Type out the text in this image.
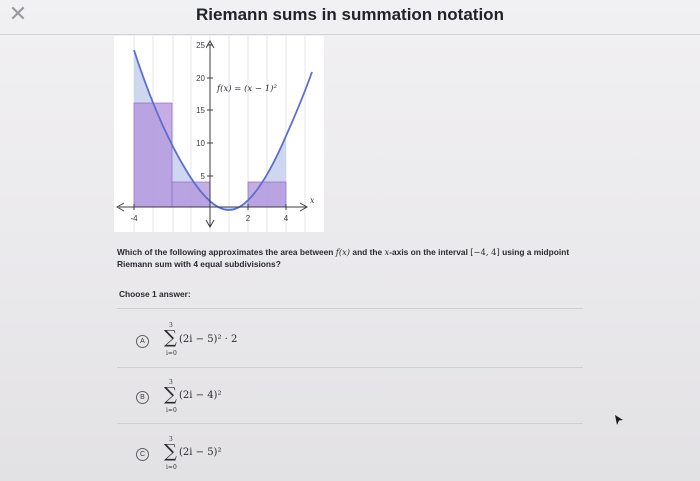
✕	Riemann sums in summation notation
25
20
15
10
5
-4	2	4
x
f(x) = (x − 1)²
Which of the following approximates the area between f(x) and the x-axis on the interval [−4, 4] using a midpoint Riemann sum with 4 equal subdivisions?
Choose 1 answer:
A
3
∑
i=0
(2i − 5)² · 2
B
3
∑
i=0
(2i − 4)²
C
3
∑
i=0
(2i − 5)²
